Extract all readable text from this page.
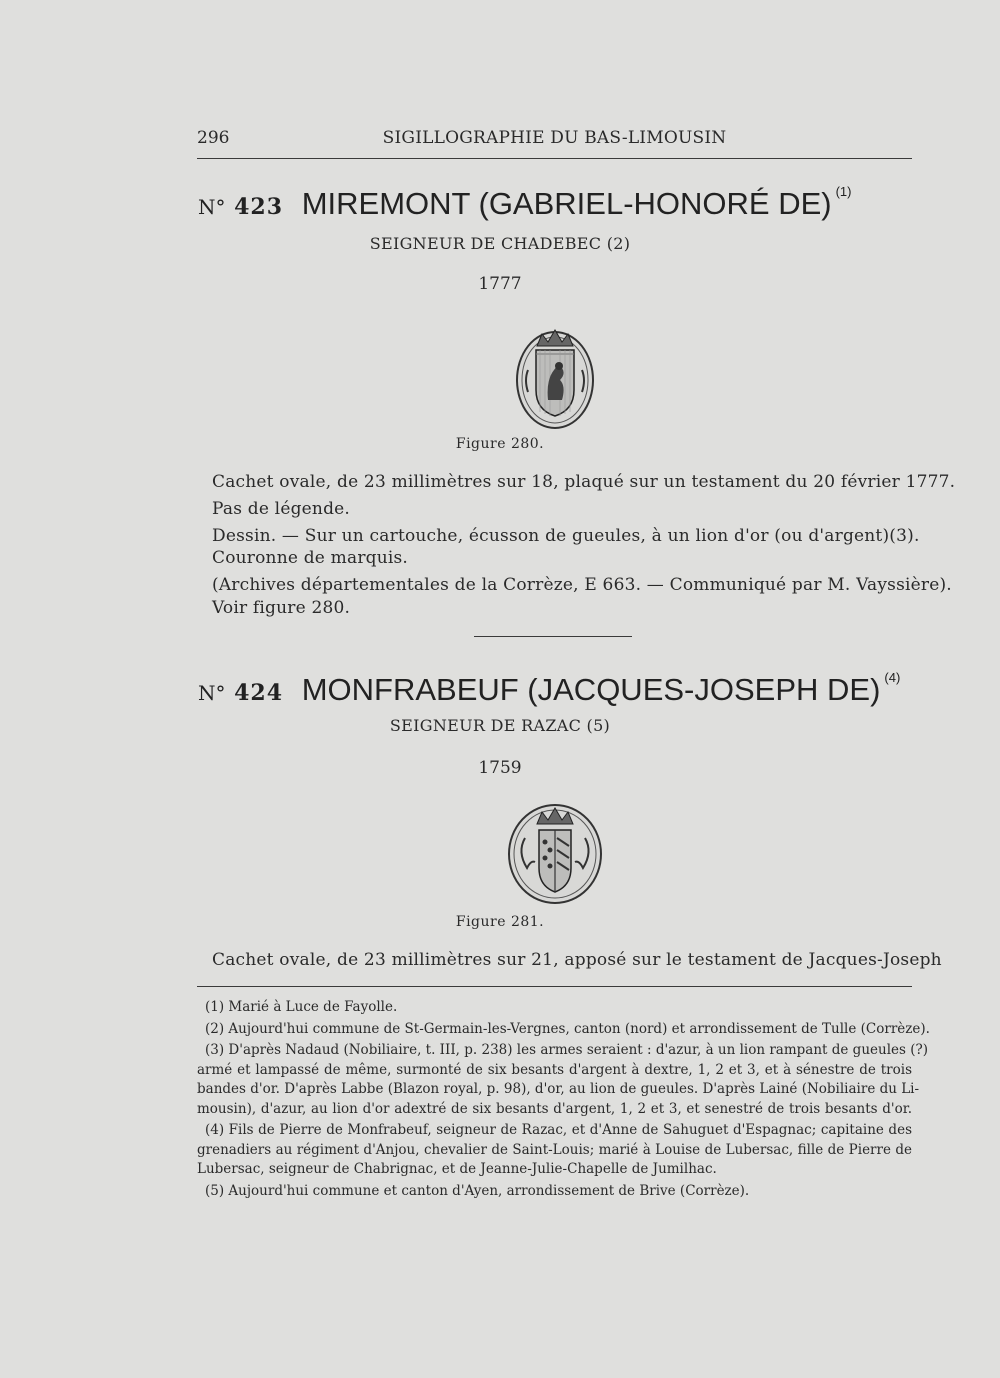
296	SIGILLOGRAPHIE DU BAS-LIMOUSIN
N° 423 MIREMONT (GABRIEL-HONORÉ DE) $^{(1)}$
SEIGNEUR DE CHADEBEC (2)
1777
Figure 280.
Cachet ovale, de 23 millimètres sur 18, plaqué sur un testament du 20 février 1777.
Pas de légende.
Dessin. — Sur un cartouche, écusson de gueules, à un lion d'or (ou d'argent)(3).
Couronne de marquis.
(Archives départementales de la Corrèze, E 663. — Communiqué par M. Vayssière).
Voir figure 280.
N° 424 MONFRABEUF (JACQUES-JOSEPH DE) $^{(4)}$
SEIGNEUR DE RAZAC (5)
1759
Figure 281.
Cachet ovale, de 23 millimètres sur 21, apposé sur le testament de Jacques-Joseph
(1) Marié à Luce de Fayolle.
(2) Aujourd'hui commune de St-Germain-les-Vergnes, canton (nord) et arrondissement de Tulle (Corrèze).
(3) D'après Nadaud (Nobiliaire, t. III, p. 238) les armes seraient : d'azur, à un lion rampant de gueules (?)
armé et lampassé de même, surmonté de six besants d'argent à dextre, 1, 2 et 3, et à sénestre de trois
bandes d'or. D'après Labbe (Blazon royal, p. 98), d'or, au lion de gueules. D'après Lainé (Nobiliaire du Li-
mousin), d'azur, au lion d'or adextré de six besants d'argent, 1, 2 et 3, et senestré de trois besants d'or.
(4) Fils de Pierre de Monfrabeuf, seigneur de Razac, et d'Anne de Sahuguet d'Espagnac; capitaine des
grenadiers au régiment d'Anjou, chevalier de Saint-Louis; marié à Louise de Lubersac, fille de Pierre de
Lubersac, seigneur de Chabrignac, et de Jeanne-Julie-Chapelle de Jumilhac.
(5) Aujourd'hui commune et canton d'Ayen, arrondissement de Brive (Corrèze).
